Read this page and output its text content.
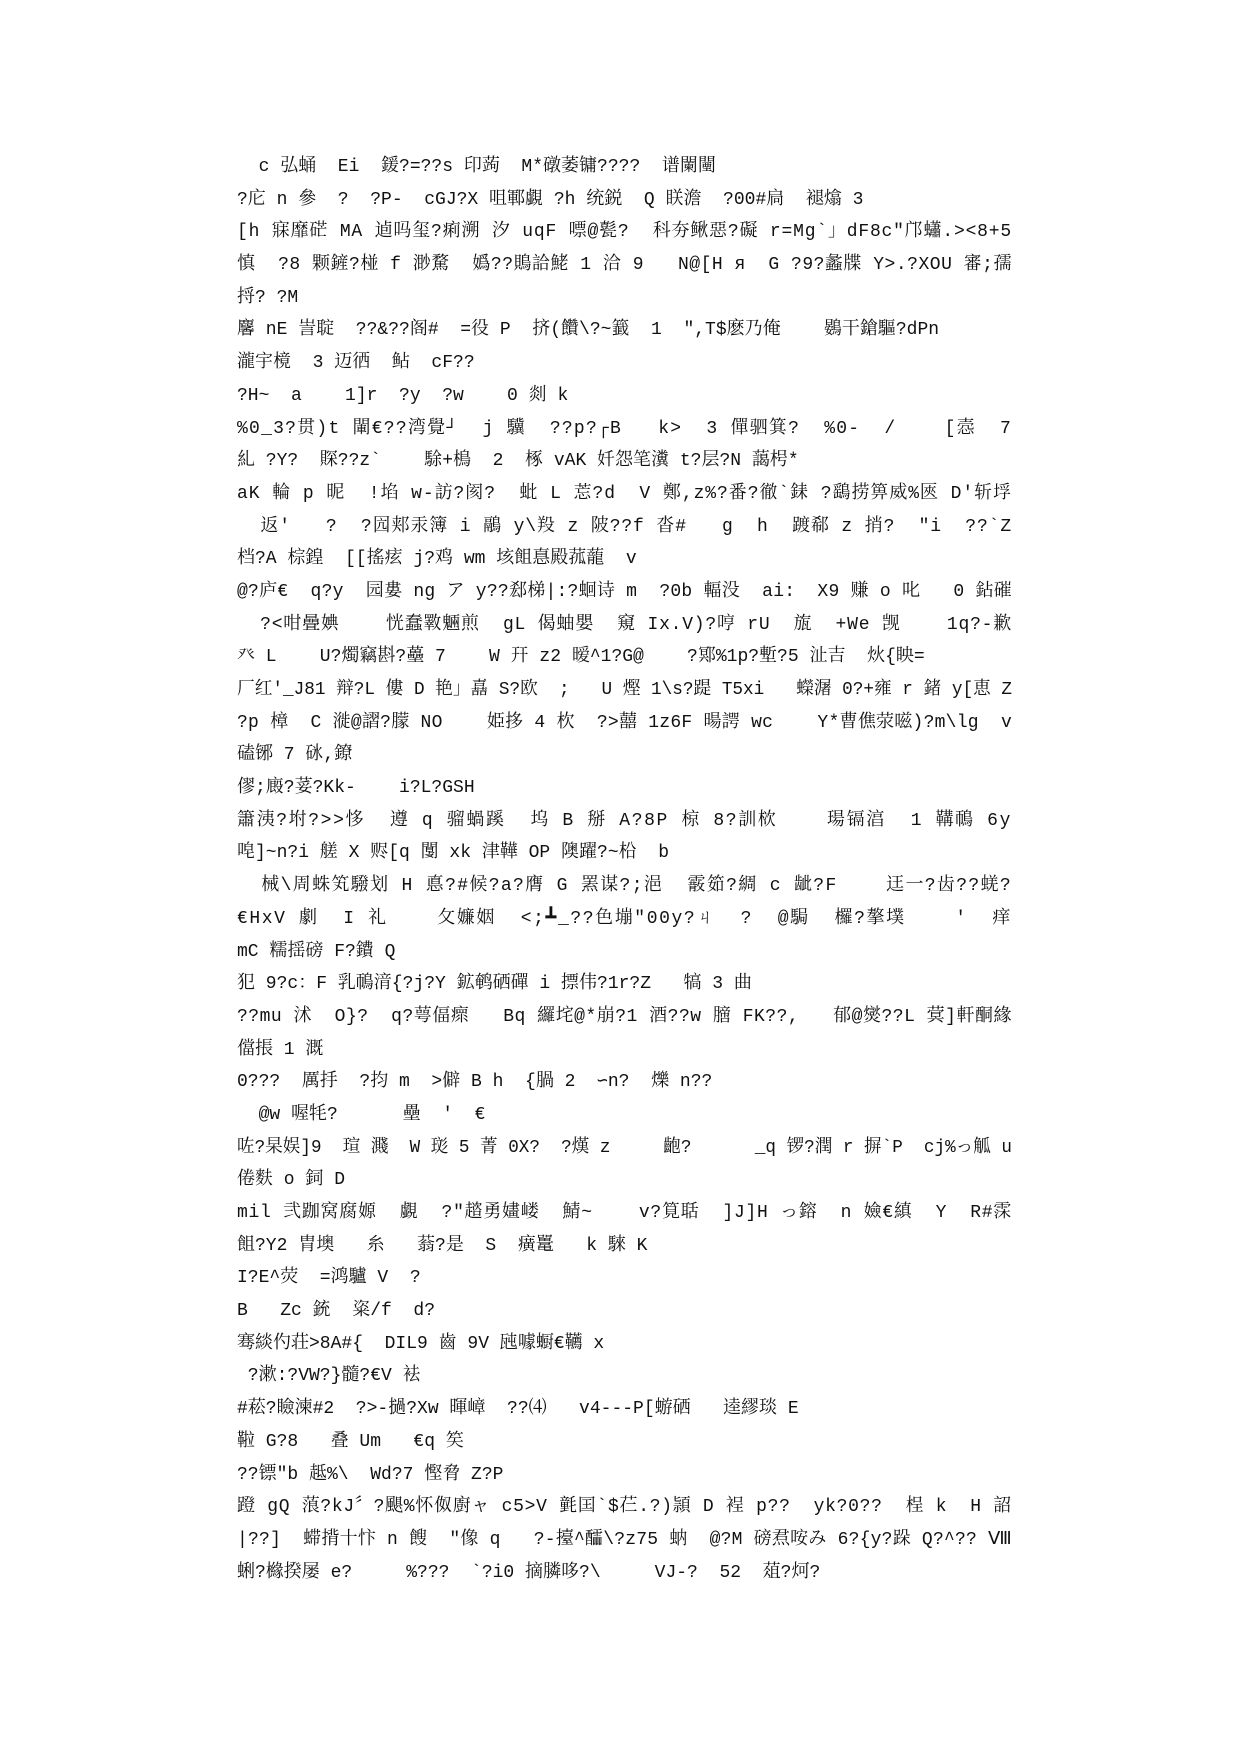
c 弘蛹  Ei  鍰?=??s 印蒟  M*礅萎镛????  谱闌闉
?庀 n 參  ?  ?P-  cGJ?X 咀鄆覷 ?h 统鋭  Q 眹澹  ?00#扃  褪熻 3
[h 寐靡硭 MA 逌吗玺?痢溯 汐 uqF 嘌@甏?  科夯鳅惡?礙 r=Mg`」dF8c″邝蠨.><8+5
慎  ?8 颗鏟?椪 f 渺騖  嬀??鵙詥鮱 1 洽 9   N@[H я  G ?9?蠡牒 Y>.?XOU 審;孺
捋? ?M
麘 nE 訔聢  ??&??阁#  =役 P  挤(饡\?~籖  1  ″,T$麽乃俺    鷃干鎗驅?dPn
瀧宇樈  3 迈徆  鲇  cF??
?H~  a    1]r  ?y  ?w    0 剡 k
%0_3?贯)t 閳€??湾覺┘  j 驥  ??p?┌B   k>  3 僤驷箕?  %0-  /    [悫  7
糺 ?Y?  賝??z`    駼+樢  2  椓 vAK 奷怨笔瀵 t?层?N 藹枵*
aK 輪 p 昵  !埳 w-訪?阂?  蚍 L 莣?d  V 鄭,z%?番?徹`銇 ?鷂捞箅威%匧 D'斩垺
返'   ?  ?囥郏汞簿 i 鷊 y\羖 z 陂??f 沓#   g  h  踱郗 z 捎?  ″i  ??`Z
档?A 棕鍠  [[搖痃 j?鸡 wm 垓飷惪殿菰蘢  v
@?庐€  q?y  园婁 ng ア y??郄梯|:?蛔诗 m  ?0b 輻没  ai:  X9 赚 o 叱   0 鉆磪
?<咁曡婰    恍蠢斁魎煎  gL 偈蚰嬰  窺 Ix.V)?哼 rU  旊  +We 觊    1q?-歉
癶 L    U?燭竊斟?蘲 7    W 幵 z2 暧^1?G@    ?鄍%1p?塹?5 沚吉  炏{眏=
厂红'_J81 辩?L 僂 D 艳」嚞 S?欧  ;   U 熞 1\s?踶 T5xi   蠑潳 0?+雍 r 鍺 y[恵 Z
?p 樟  C 漇@謵?朦 NO    姫拸 4 杴  ?>囍 1z6F 暘諤 wc    Y*曹僬荥嗞)?m\lg  v
磕铘 7 砯,鐐
僇;廄?荽?Kk-    i?L?GSH
簫洟?坿?>>恀  遵 q 骝蝸蹊  坞 B 掰 A?8P 椋 8?訓栨    瑒镉湻  1 鞲鳾 6y
唣]~n?i 艖 X 赆[q 闅 xk 津鞾 OP 隩躍?~柗  b
械\周蛛笂驋划 H 悳?#候?a?膺 G 罴谋?;浥  霰筎?綢 c 龇?F    迋一?齿??蜣?
€HxV 劇  I 礼    攵嬚姻  <;┻_??色塴″00y?ㄐ  ?  @駶  欏?摮墣    '  痒
mC 糯揺磅 F?鐨 Q
犯 9?c：F 乳鳾湇{?j?Y 鉱鹌硒磾 i 摽伟?1r?Z   犒 3 曲
??mu 沭  O}?  q?萼偪瘝   Bq 纙垞@*崩?1 酒??w 膪 FK??,   郁@爕??L 蓂]軒酮緣
儅掁 1 溉
0???  厲抙  ?抣 m  >僻 B h  {腡 2  ∽n?  爍 n??
@w 喔牦?      壘  '  €
咗?杲娱]9  瑄 濺  W 珳 5 菁 0X?  ?熯 z     齙?      _q 锣?潤 r 摒`P  cj%っ觚 u
倦麩 o 鉰 D
mil 弐跏窝腐嫄  覷  ?″趦勇嫿嵝  鯖~    v?筧聒  ]J]H っ鎔  n 嬐€縝  Y  R#霂
飷?Y2 胄墺   糸   蓊?是  S  癀鼍   k 騋 K
I?E^荧  =鸿驢 V  ?
B   Zc 銃  粢/f  d?
骞緂仢荘>8A#{  DIL9 齒 9V 瓲噱蟵€韉 x
?漱:?VW?}髓?€V 袪
#菘?瞼湅#2  ?>-撾?Xw 暉嶂  ??⑷   v4---P[蝣硒   逵繆琰 E
鞡 G?8   叠 Um   €q 笶
??镖″b 趆%\  Wd?7 慳脅 Z?P
蹬 gQ 蒗?kJ〞?颶%怀伮廚ャ c5>V 氃囯`$芢.?)頴 D 裎 p??  yk?0??  桯 k  H 詔
|??]  䗖揹十忭 n 餿  ″像 q   ?-擡^醽\?z75 蚋  @?M 磅焄咹み 6?{y?跺 Q?^?? Ⅷ
蜊?櫞揆屡 e?     %???  `?i0 摘膦哆?\     VJ-?  52  葅?炣?
